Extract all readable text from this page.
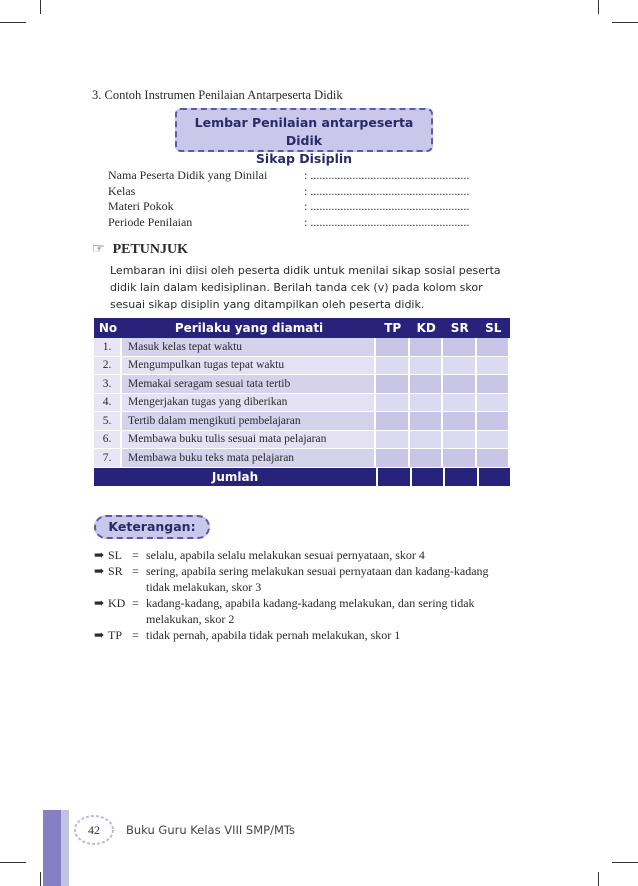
3. Contoh Instrumen Penilaian Antarpeserta Didik
Lembar Penilaian antarpeserta Didik
Sikap Disiplin
Nama Peserta Didik yang Dinilai	: .....................................................
Kelas	: .....................................................
Materi Pokok	: .....................................................
Periode Penilaian	: .....................................................
☞ PETUNJUK
Lembaran ini diisi oleh peserta didik untuk menilai sikap sosial peserta didik lain dalam kedisiplinan. Berilah tanda cek (v) pada kolom skor sesuai sikap disiplin yang ditampilkan oleh peserta didik.
No	Perilaku yang diamati	TP	KD	SR	SL
1.	Masuk kelas tepat waktu
2.	Mengumpulkan tugas tepat waktu
3.	Memakai seragam sesuai tata tertib
4.	Mengerjakan tugas yang diberikan
5.	Tertib dalam mengikuti pembelajaran
6.	Membawa buku tulis sesuai mata pelajaran
7.	Membawa buku teks mata pelajaran
Jumlah
Keterangan:
➡ SL = selalu, apabila selalu melakukan sesuai pernyataan, skor 4
➡ SR = sering, apabila sering melakukan sesuai pernyataan dan kadang-kadang tidak melakukan, skor 3
➡ KD = kadang-kadang, apabila kadang-kadang melakukan, dan sering tidak melakukan, skor 2
➡ TP = tidak pernah, apabila tidak pernah melakukan, skor 1
42	Buku Guru Kelas VIII SMP/MTs
